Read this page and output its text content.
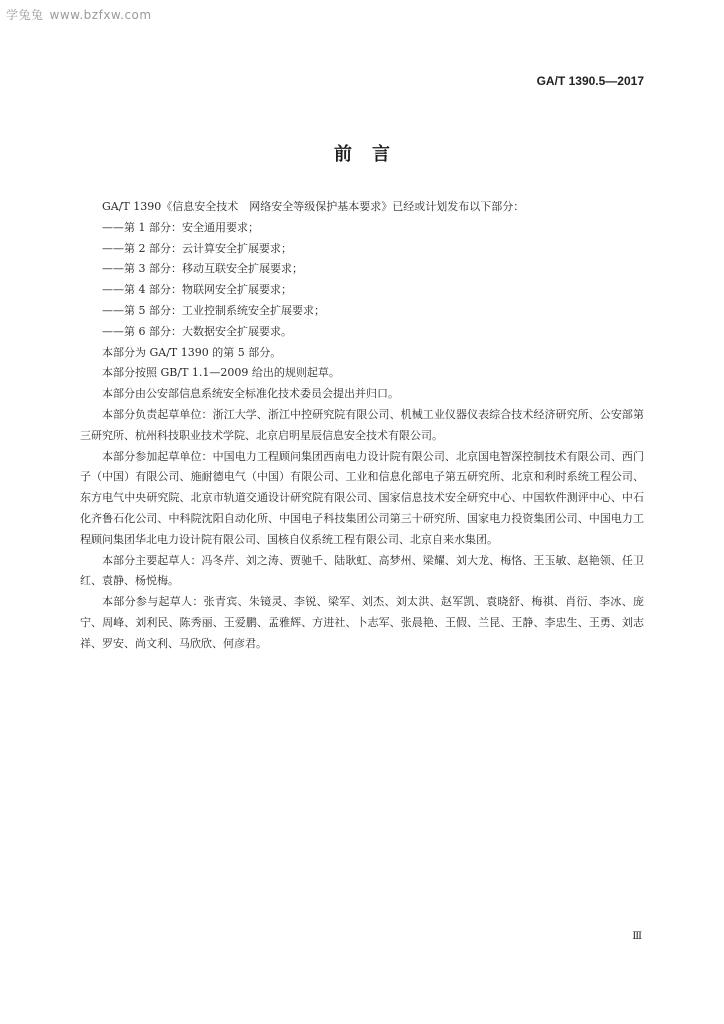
学兔兔 www.bzfxw.com
GA/T 1390.5—2017
前言

GA/T 1390《信息安全技术　网络安全等级保护基本要求》已经或计划发布以下部分：

——第 1 部分：安全通用要求；
——第 2 部分：云计算安全扩展要求；
——第 3 部分：移动互联安全扩展要求；
——第 4 部分：物联网安全扩展要求；
——第 5 部分：工业控制系统安全扩展要求；
——第 6 部分：大数据安全扩展要求。

本部分为 GA/T 1390 的第 5 部分。

本部分按照 GB/T 1.1—2009 给出的规则起草。

本部分由公安部信息系统安全标准化技术委员会提出并归口。

本部分负责起草单位：浙江大学、浙江中控研究院有限公司、机械工业仪器仪表综合技术经济研究所、公安部第三研究所、杭州科技职业技术学院、北京启明星辰信息安全技术有限公司。

本部分参加起草单位：中国电力工程顾问集团西南电力设计院有限公司、北京国电智深控制技术有限公司、西门子（中国）有限公司、施耐德电气（中国）有限公司、工业和信息化部电子第五研究所、北京和利时系统工程公司、东方电气中央研究院、北京市轨道交通设计研究院有限公司、国家信息技术安全研究中心、中国软件测评中心、中石化齐鲁石化公司、中科院沈阳自动化所、中国电子科技集团公司第三十研究所、国家电力投资集团公司、中国电力工程顾问集团华北电力设计院有限公司、国核自仪系统工程有限公司、北京自来水集团。

本部分主要起草人：冯冬芹、刘之涛、贾驰千、陆耿虹、高梦州、梁耀、刘大龙、梅恪、王玉敏、赵艳领、任卫红、袁静、杨悦梅。

本部分参与起草人：张青宾、朱镜灵、李锐、梁军、刘杰、刘太洪、赵军凯、袁晓舒、梅祺、肖衍、李冰、庞宁、周峰、刘利民、陈秀丽、王爱鹏、孟雅辉、方进社、卜志军、张晨艳、王假、兰昆、王静、李忠生、王勇、刘志祥、罗安、尚文利、马欣欣、何彦君。

Ⅲ
